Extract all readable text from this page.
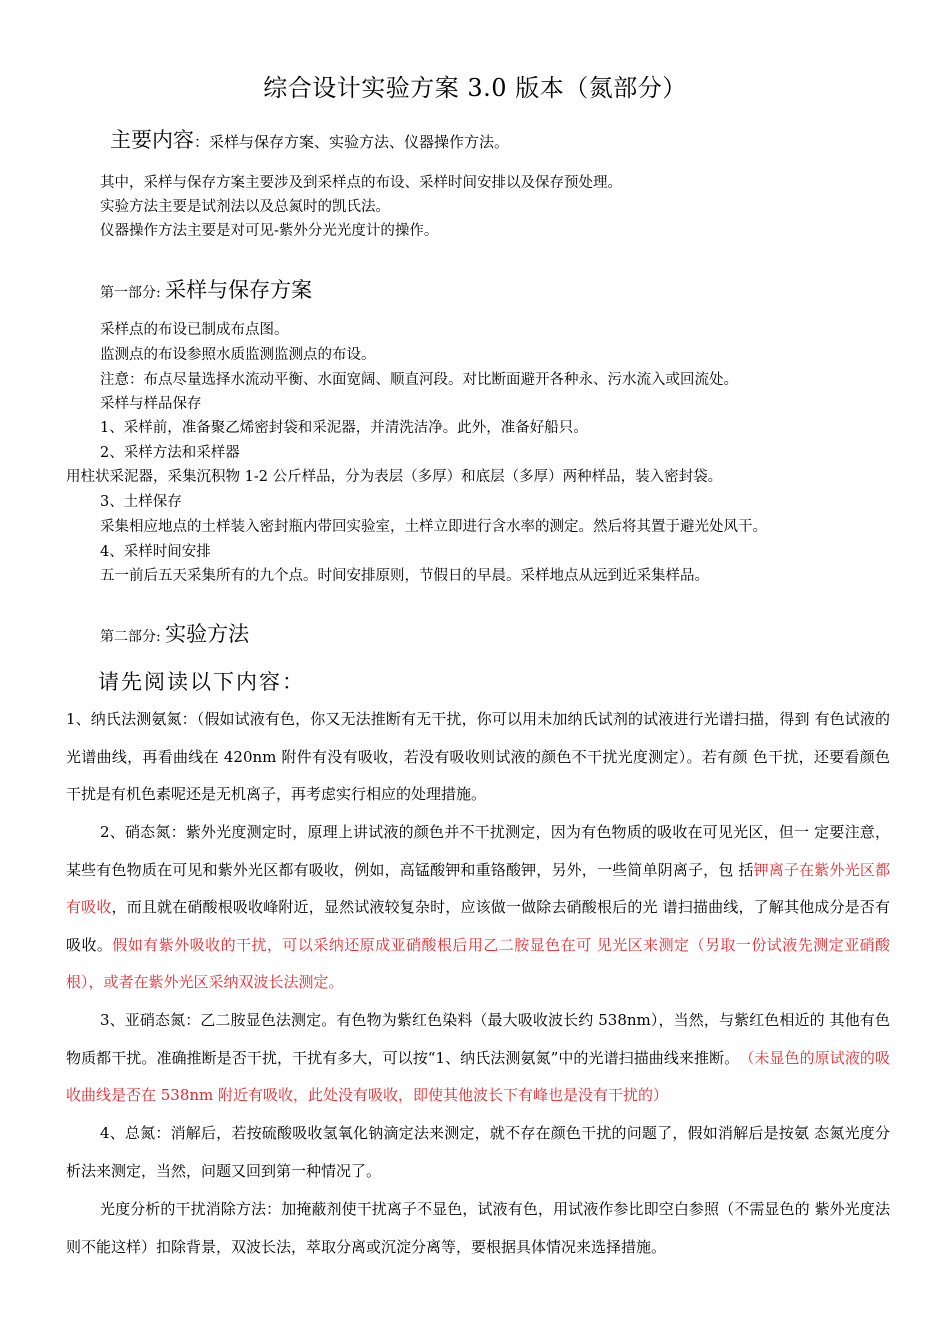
综合设计实验方案 3.0 版本（氮部分）
主要内容：采样与保存方案、实验方法、仪器操作方法。
其中，采样与保存方案主要涉及到采样点的布设、采样时间安排以及保存预处理。
实验方法主要是试剂法以及总氮时的凯氏法。
仪器操作方法主要是对可见-紫外分光光度计的操作。
第一部分: 采样与保存方案
采样点的布设已制成布点图。
监测点的布设参照水质监测监测点的布设。
注意：布点尽量选择水流动平衡、水面宽阔、顺直河段。对比断面避开各种永、污水流入或回流处。
采样与样品保存
1、采样前，准备聚乙烯密封袋和采泥器，并清洗洁净。此外，准备好船只。
2、采样方法和采样器
用柱状采泥器，采集沉积物 1-2 公斤样品，分为表层（多厚）和底层（多厚）两种样品，装入密封袋。
3、土样保存
采集相应地点的土样装入密封瓶内带回实验室，土样立即进行含水率的测定。然后将其置于避光处风干。
4、采样时间安排
五一前后五天采集所有的九个点。时间安排原则，节假日的早晨。采样地点从远到近采集样品。
第二部分: 实验方法
请先阅读以下内容：
1、纳氏法测氨氮：（假如试液有色，你又无法推断有无干扰，你可以用未加纳氏试剂的试液进行光谱扫描，得到 有色试液的光谱曲线，再看曲线在 420nm 附件有没有吸收，若没有吸收则试液的颜色不干扰光度测定）。若有颜 色干扰，还要看颜色干扰是有机色素呢还是无机离子，再考虑实行相应的处理措施。
2、硝态氮：紫外光度测定时，原理上讲试液的颜色并不干扰测定，因为有色物质的吸收在可见光区，但一 定要注意，某些有色物质在可见和紫外光区都有吸收，例如，高锰酸钾和重铬酸钾，另外，一些简单阴离子，包 括钾离子在紫外光区都有吸收，而且就在硝酸根吸收峰附近，显然试液较复杂时，应该做一做除去硝酸根后的光 谱扫描曲线，了解其他成分是否有吸收。假如有紫外吸收的干扰，可以采纳还原成亚硝酸根后用乙二胺显色在可 见光区来测定（另取一份试液先测定亚硝酸根），或者在紫外光区采纳双波长法测定。
3、亚硝态氮：乙二胺显色法测定。有色物为紫红色染料（最大吸收波长约 538nm），当然，与紫红色相近的 其他有色物质都干扰。准确推断是否干扰，干扰有多大，可以按“1、纳氏法测氨氮”中的光谱扫描曲线来推断。　（未显色的原试液的吸收曲线是否在 538nm 附近有吸收，此处没有吸收，即使其他波长下有峰也是没有干扰的）
4、总氮：消解后，若按硫酸吸收氢氧化钠滴定法来测定，就不存在颜色干扰的问题了，假如消解后是按氨 态氮光度分析法来测定，当然，问题又回到第一种情况了。
光度分析的干扰消除方法：加掩蔽剂使干扰离子不显色，试液有色，用试液作参比即空白参照（不需显色的 紫外光度法则不能这样）扣除背景，双波长法，萃取分离或沉淀分离等，要根据具体情况来选择措施。
